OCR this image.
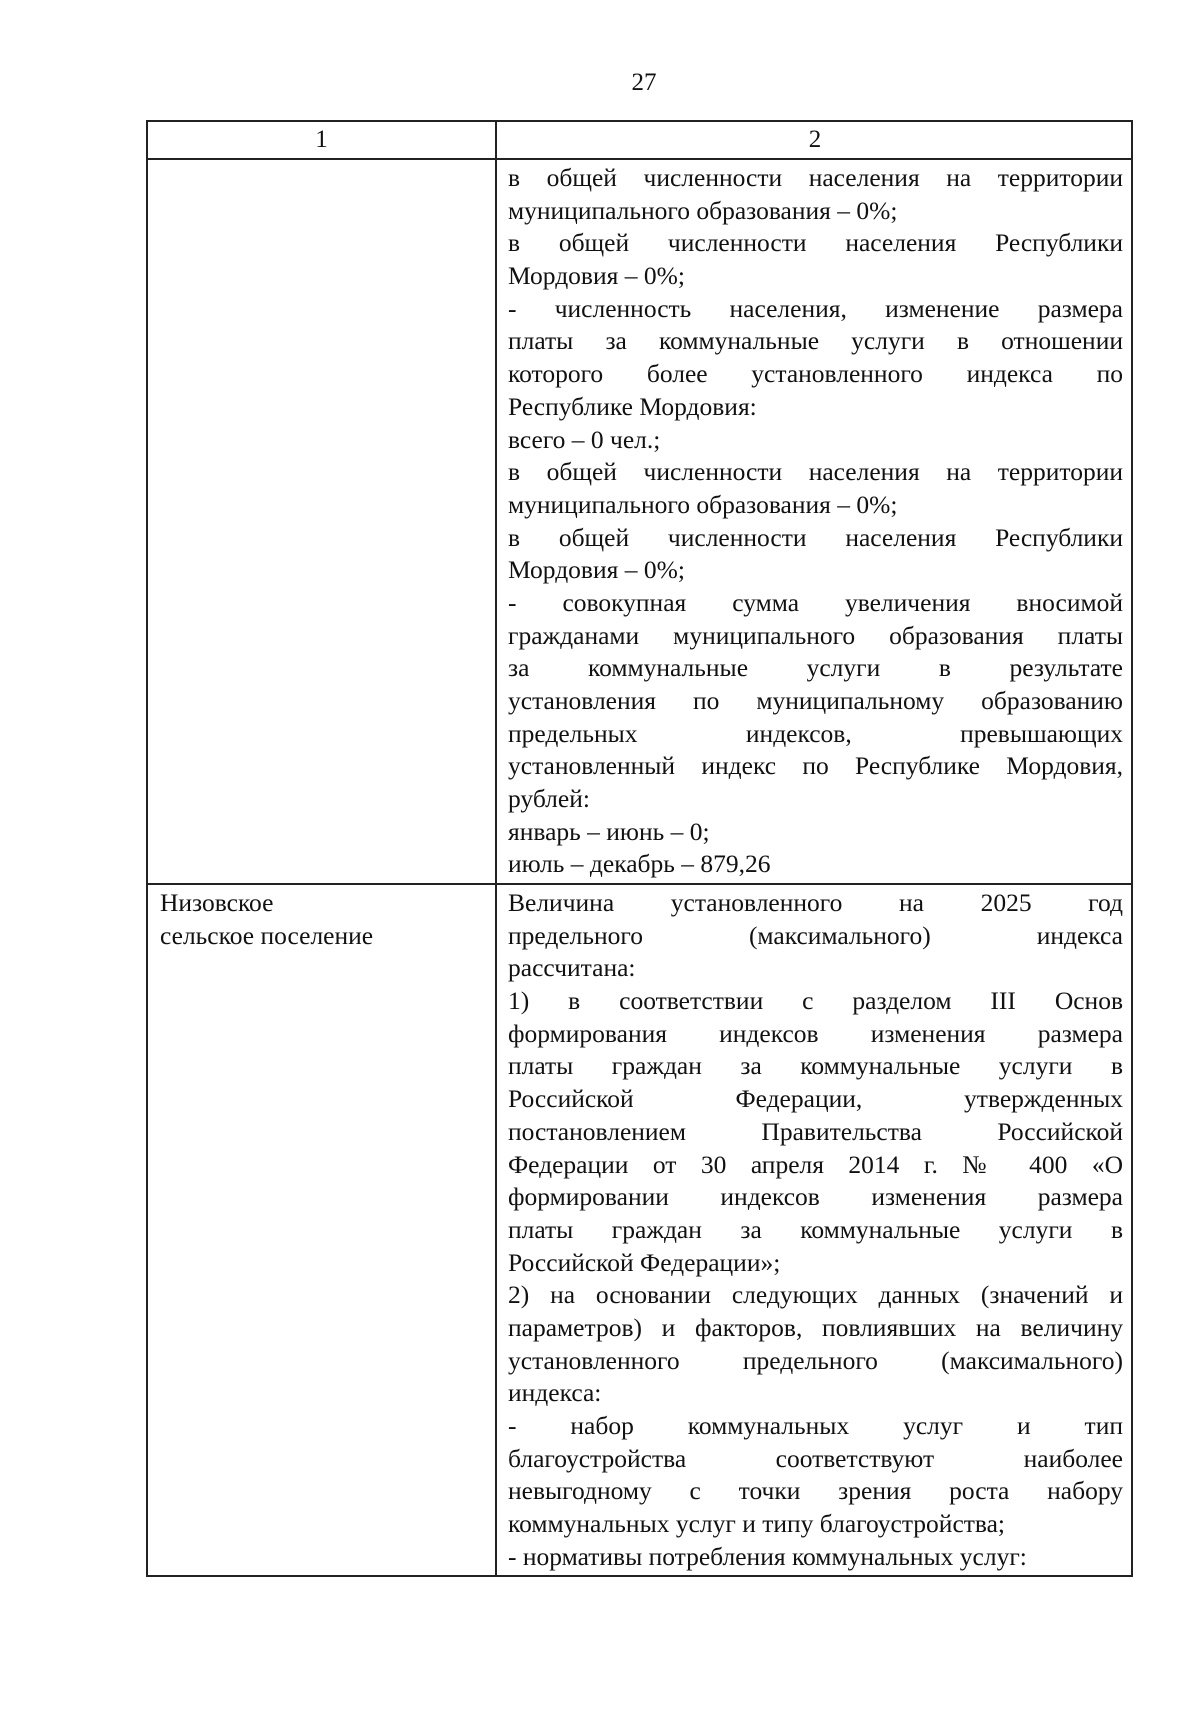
27
1	2
в общей численности населения на территории
муниципального образования – 0%;
в общей численности населения Республики
Мордовия – 0%;
- численность населения, изменение размера
платы за коммунальные услуги в отношении
которого более установленного индекса по
Республике Мордовия:
всего – 0 чел.;
в общей численности населения на территории
муниципального образования – 0%;
в общей численности населения Республики
Мордовия – 0%;
- совокупная сумма увеличения вносимой
гражданами муниципального образования платы
за коммунальные услуги в результате
установления по муниципальному образованию
предельных индексов, превышающих
установленный индекс по Республике Мордовия,
рублей:
январь – июнь – 0;
июль – декабрь – 879,26
Низовское
сельское поселение
Величина установленного на 2025 год
предельного (максимального) индекса
рассчитана:
1) в соответствии с разделом III Основ
формирования индексов изменения размера
платы граждан за коммунальные услуги в
Российской Федерации, утвержденных
постановлением Правительства Российской
Федерации от 30 апреля 2014 г. № 400 «О
формировании индексов изменения размера
платы граждан за коммунальные услуги в
Российской Федерации»;
2) на основании следующих данных (значений и
параметров) и факторов, повлиявших на величину
установленного предельного (максимального)
индекса:
- набор коммунальных услуг и тип
благоустройства соответствуют наиболее
невыгодному с точки зрения роста набору
коммунальных услуг и типу благоустройства;
- нормативы потребления коммунальных услуг:
